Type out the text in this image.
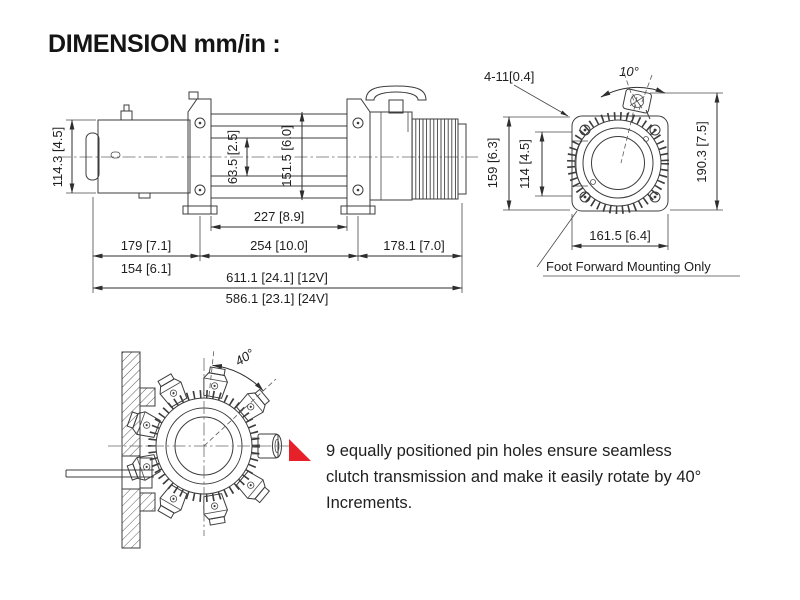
DIMENSION mm/in :
114.3 [4.5]	63.5 [2.5]	151.5 [6.0]
227 [8.9]
179 [7.1]	254 [10.0]	178.1 [7.0]
154 [6.1]
611.1 [24.1] [12V]
586.1 [23.1] [24V]
10°
4-11[0.4]
159 [6.3] 114 [4.5]	190.3 [7.5]
161.5 [6.4]
Foot Forward Mounting Only
40°
9 equally positioned pin holes ensure seamless
clutch transmission and make it easily rotate by 40°
Increments.
